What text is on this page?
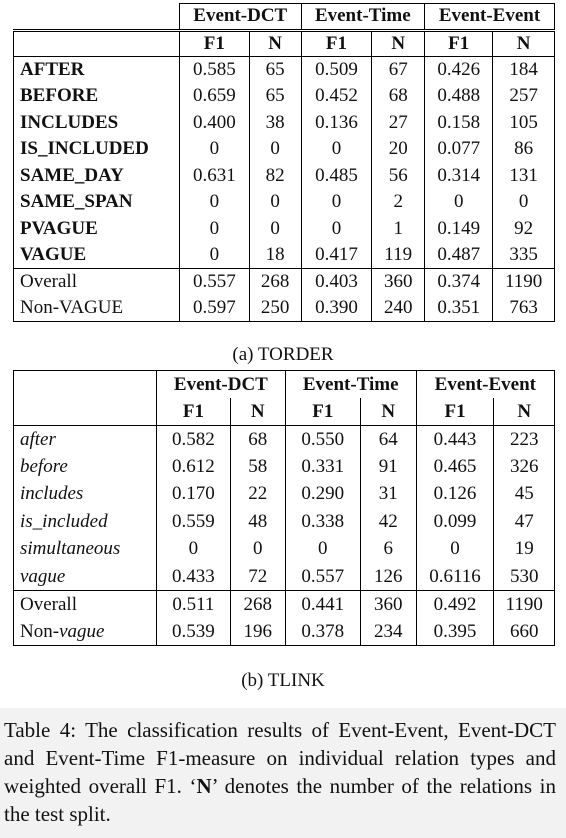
	Event-DCT		Event-Time		Event-Event	
	F1	N	F1	N	F1	N
AFTER	0.585	65	0.509	67	0.426	184
BEFORE	0.659	65	0.452	68	0.488	257
INCLUDES	0.400	38	0.136	27	0.158	105
IS_INCLUDED	0	0	0	20	0.077	86
SAME_DAY	0.631	82	0.485	56	0.314	131
SAME_SPAN	0	0	0	2	0	0
PVAGUE	0	0	0	1	0.149	92
VAGUE	0	18	0.417	119	0.487	335
Overall	0.557	268	0.403	360	0.374	1190
Non-VAGUE	0.597	250	0.390	240	0.351	763
(a) TORDER
	Event-DCT		Event-Time		Event-Event	
	F1	N	F1	N	F1	N
after	0.582	68	0.550	64	0.443	223
before	0.612	58	0.331	91	0.465	326
includes	0.170	22	0.290	31	0.126	45
is_included	0.559	48	0.338	42	0.099	47
simultaneous	0	0	0	6	0	19
vague	0.433	72	0.557	126	0.6116	530
Overall	0.511	268	0.441	360	0.492	1190
Non-vague	0.539	196	0.378	234	0.395	660
(b) TLINK
Table 4: The classification results of Event-Event, Event-DCT and Event-Time F1-measure on individual relation types and weighted overall F1. ‘N’ denotes the number of the relations in the test split.
